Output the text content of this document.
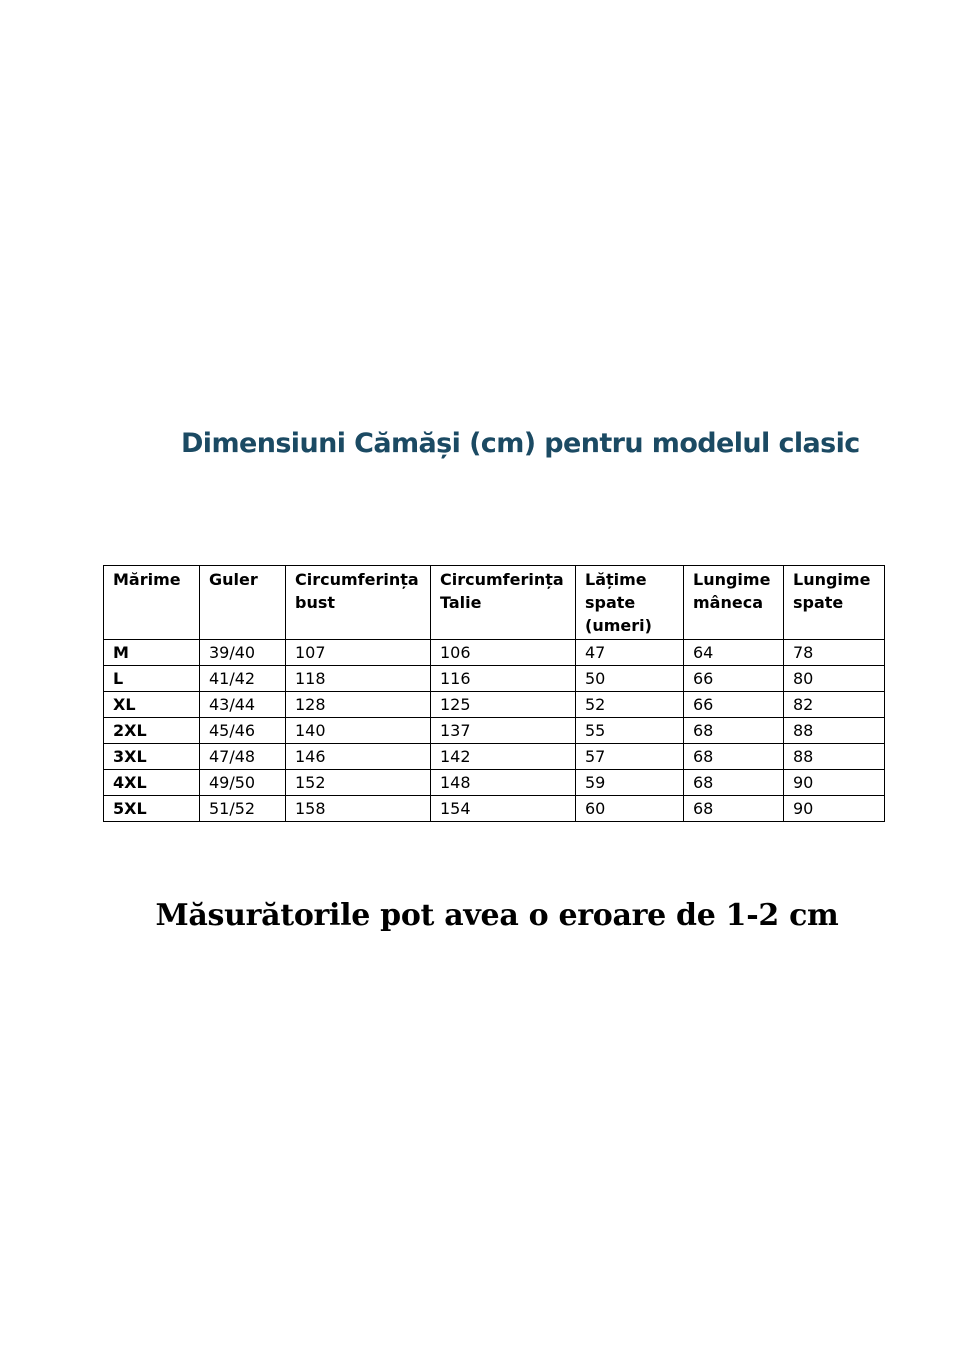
Dimensiuni Cămăși (cm) pentru modelul clasic
Mărime	Guler	Circumferința bust	Circumferința Talie	Lățime spate (umeri)	Lungime mâneca	Lungime spate
M	39/40	107	106	47	64	78
L	41/42	118	116	50	66	80
XL	43/44	128	125	52	66	82
2XL	45/46	140	137	55	68	88
3XL	47/48	146	142	57	68	88
4XL	49/50	152	148	59	68	90
5XL	51/52	158	154	60	68	90

Măsurătorile pot avea o eroare de 1-2 cm
